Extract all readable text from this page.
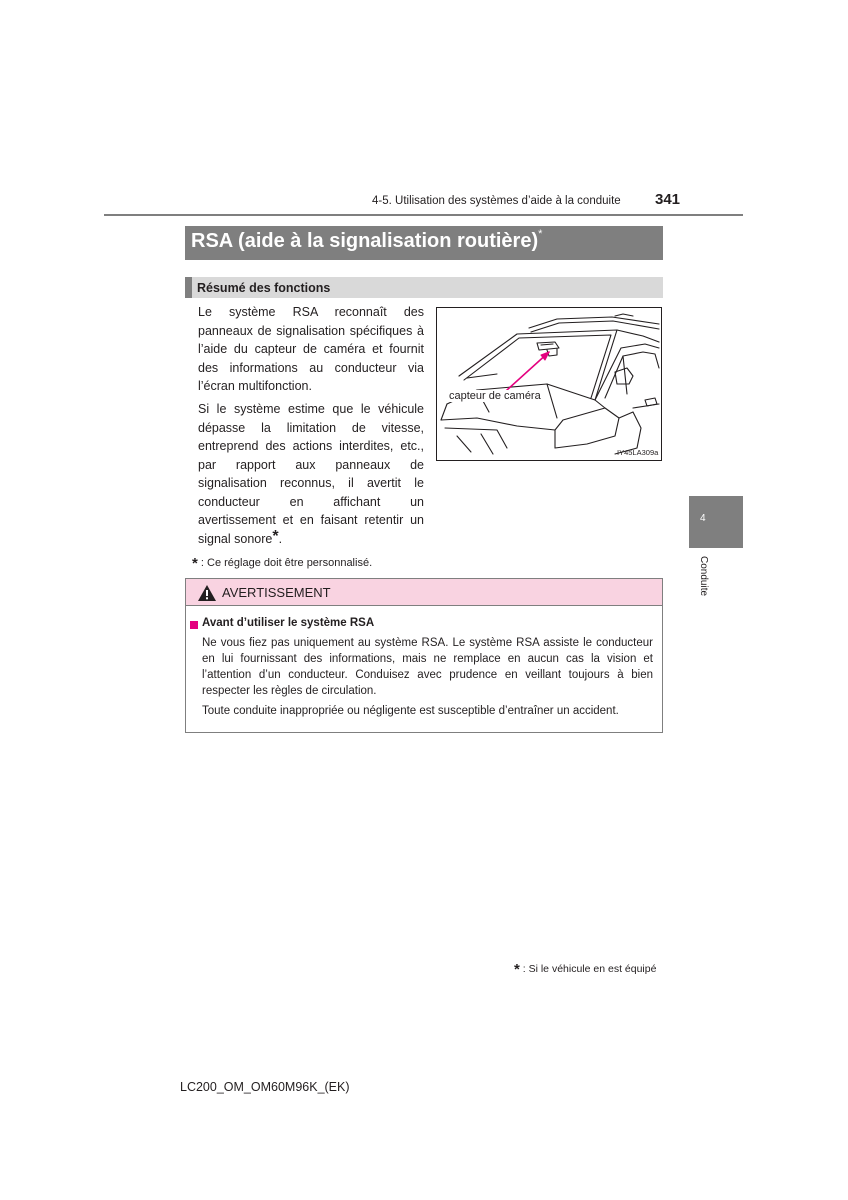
4-5. Utilisation des systèmes d’aide à la conduite 341
4
Conduite
RSA (aide à la signalisation routière)*
Résumé des fonctions

Le système RSA reconnaît des panneaux de signalisation spécifiques à l’aide du capteur de caméra et fournit des informations au conducteur via l’écran multifonction.

Si le système estime que le véhicule dépasse la limitation de vitesse, entreprend des actions interdites, etc., par rapport aux panneaux de signalisation reconnus, il avertit le conducteur en affichant un avertissement et en faisant retentir un signal sonore*.

* : Ce réglage doit être personnalisé.
capteur de caméra
IY45LA309a
AVERTISSEMENT
Avant d’utiliser le système RSA

Ne vous fiez pas uniquement au système RSA. Le système RSA assiste le conducteur en lui fournissant des informations, mais ne remplace en aucun cas la vision et l’attention d’un conducteur. Conduisez avec prudence en veillant toujours à bien respecter les règles de circulation.

Toute conduite inappropriée ou négligente est susceptible d’entraîner un accident.

* : Si le véhicule en est équipé
LC200_OM_OM60M96K_(EK)
